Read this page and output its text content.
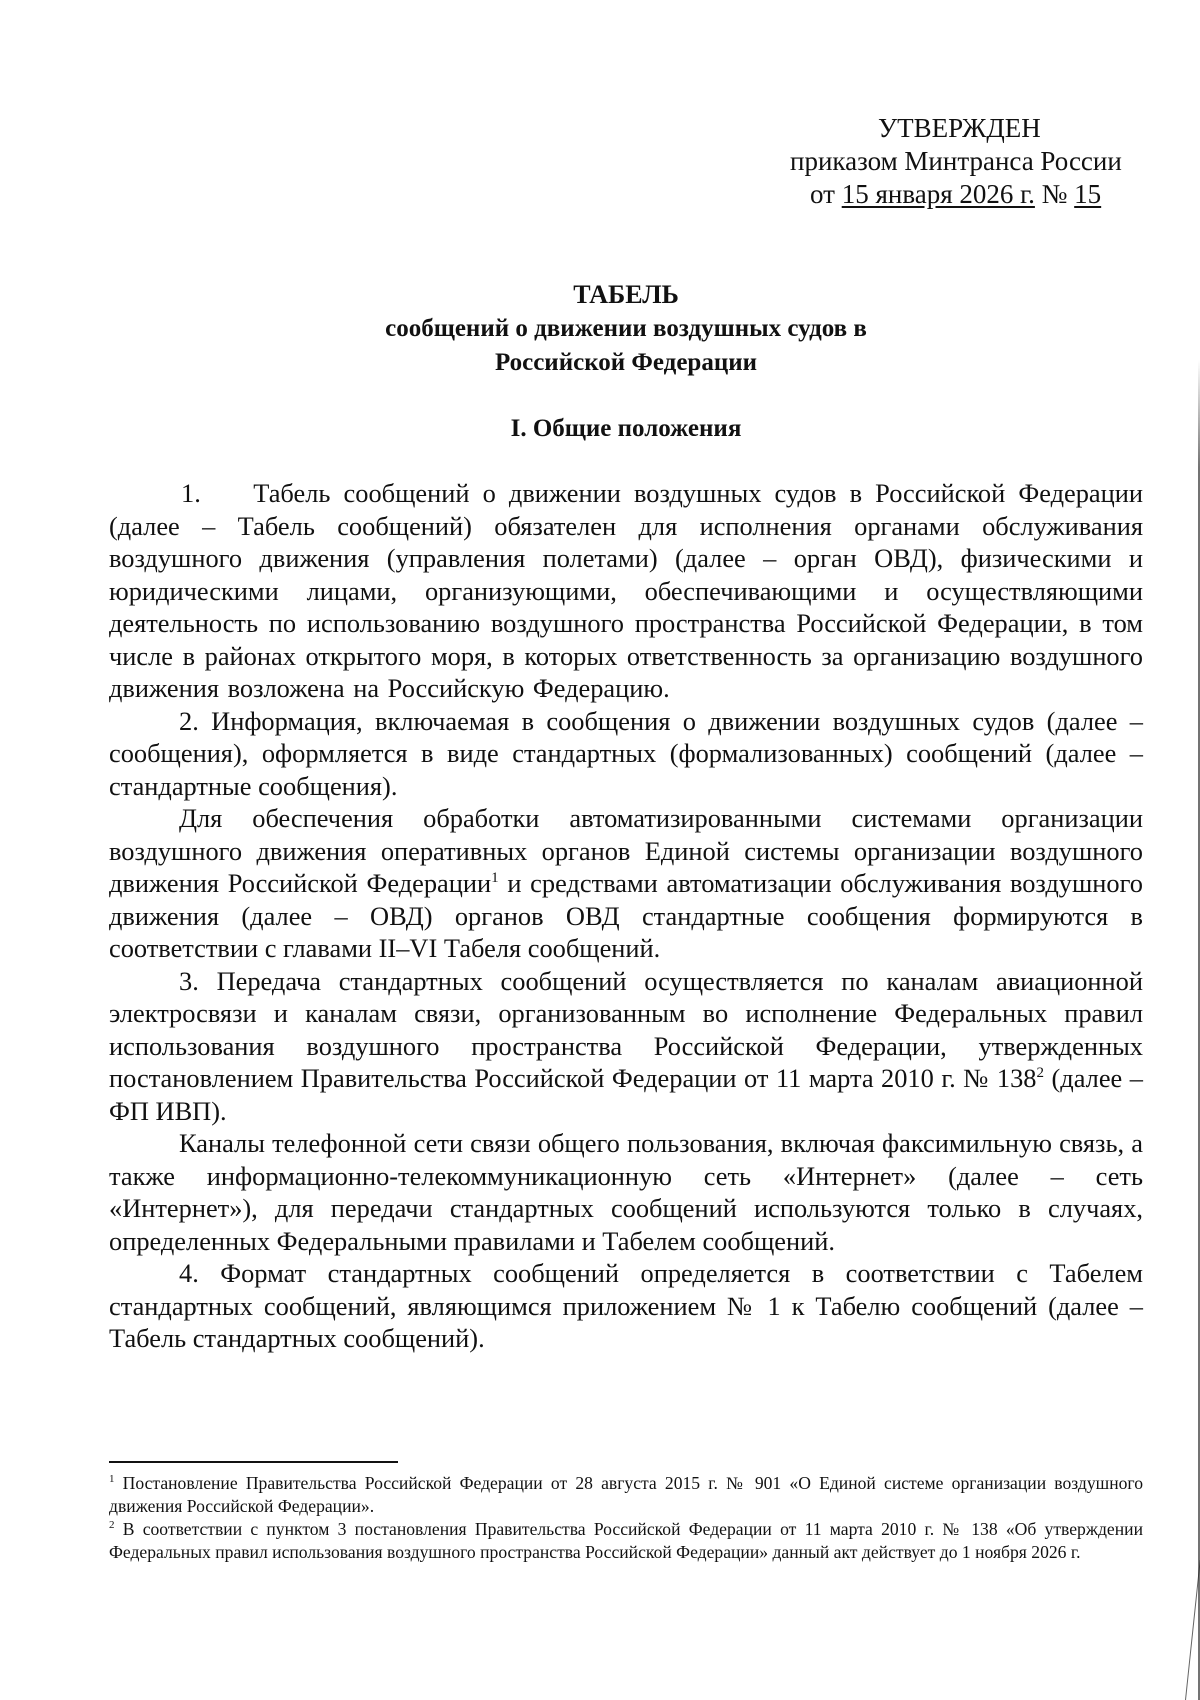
УТВЕРЖДЕН
приказом Минтранса России
от 15 января 2026 г. № 15
ТАБЕЛЬ
сообщений о движении воздушных судов в
Российской Федерации
I. Общие положения

1.    Табель сообщений о движении воздушных судов в Российской Федерации (далее – Табель сообщений) обязателен для исполнения органами обслуживания воздушного движения (управления полетами) (далее – орган ОВД), физическими и юридическими лицами, организующими, обеспечивающими и осуществляющими деятельность по использованию воздушного пространства Российской Федерации, в том числе в районах открытого моря, в которых ответственность за организацию воздушного движения возложена на Российскую Федерацию.

2. Информация, включаемая в сообщения о движении воздушных судов (далее – сообщения), оформляется в виде стандартных (формализованных) сообщений (далее – стандартные сообщения).

Для обеспечения обработки автоматизированными системами организации воздушного движения оперативных органов Единой системы организации воздушного движения Российской Федерации$^1$ и средствами автоматизации обслуживания воздушного движения (далее – ОВД) органов ОВД стандартные сообщения формируются в соответствии с главами II–VI Табеля сообщений.

3. Передача стандартных сообщений осуществляется по каналам авиационной электросвязи и каналам связи, организованным во исполнение Федеральных правил использования воздушного пространства Российской Федерации, утвержденных постановлением Правительства Российской Федерации от 11 марта 2010 г. № 138$^2$ (далее – ФП ИВП).

Каналы телефонной сети связи общего пользования, включая факсимильную связь, а также информационно-телекоммуникационную сеть «Интернет» (далее – сеть «Интернет»), для передачи стандартных сообщений используются только в случаях, определенных Федеральными правилами и Табелем сообщений.

4. Формат стандартных сообщений определяется в соответствии с Табелем стандартных сообщений, являющимся приложением № 1 к Табелю сообщений (далее – Табель стандартных сообщений).

$^1$ Постановление Правительства Российской Федерации от 28 августа 2015 г. № 901 «О Единой системе организации воздушного движения Российской Федерации».

$^2$ В соответствии с пунктом 3 постановления Правительства Российской Федерации от 11 марта 2010 г. № 138 «Об утверждении Федеральных правил использования воздушного пространства Российской Федерации» данный акт действует до 1 ноября 2026 г.
